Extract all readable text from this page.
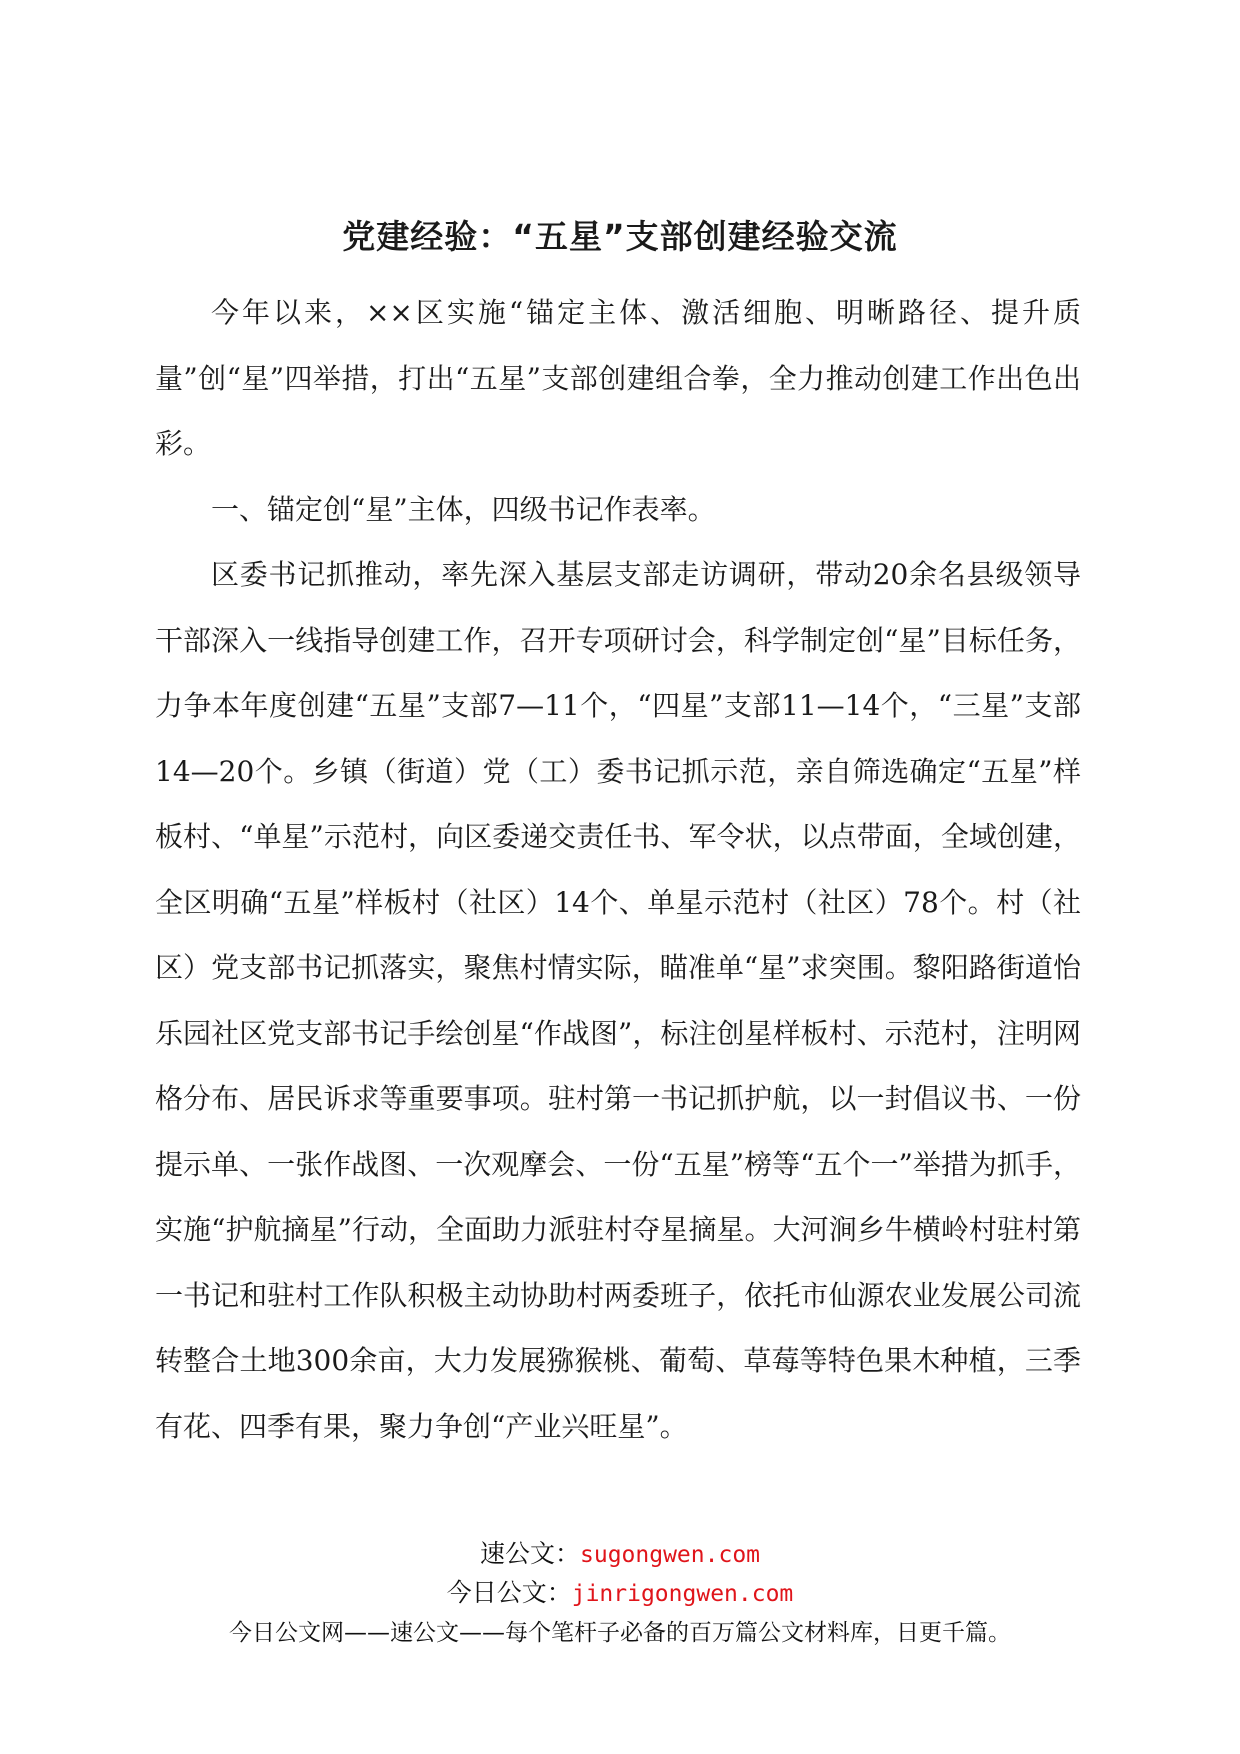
党建经验：“五星”支部创建经验交流

今年以来，××区实施“锚定主体、激活细胞、明晰路径、提升质量”创“星”四举措，打出“五星”支部创建组合拳，全力推动创建工作出色出彩。

一、锚定创“星”主体，四级书记作表率。

区委书记抓推动，率先深入基层支部走访调研，带动20余名县级领导干部深入一线指导创建工作，召开专项研讨会，科学制定创“星”目标任务，力争本年度创建“五星”支部7—11个，“四星”支部11—14个，“三星”支部14—20个。乡镇（街道）党（工）委书记抓示范，亲自筛选确定“五星”样板村、“单星”示范村，向区委递交责任书、军令状，以点带面，全域创建，全区明确“五星”样板村（社区）14个、单星示范村（社区）78个。村（社区）党支部书记抓落实，聚焦村情实际，瞄准单“星”求突围。黎阳路街道怡乐园社区党支部书记手绘创星“作战图”，标注创星样板村、示范村，注明网格分布、居民诉求等重要事项。驻村第一书记抓护航，以一封倡议书、一份提示单、一张作战图、一次观摩会、一份“五星”榜等“五个一”举措为抓手，实施“护航摘星”行动，全面助力派驻村夺星摘星。大河涧乡牛横岭村驻村第一书记和驻村工作队积极主动协助村两委班子，依托市仙源农业发展公司流转整合土地300余亩，大力发展猕猴桃、葡萄、草莓等特色果木种植，三季有花、四季有果，聚力争创“产业兴旺星”。

速公文：sugongwen.com
今日公文：jinrigongwen.com
今日公文网——速公文——每个笔杆子必备的百万篇公文材料库，日更千篇。
